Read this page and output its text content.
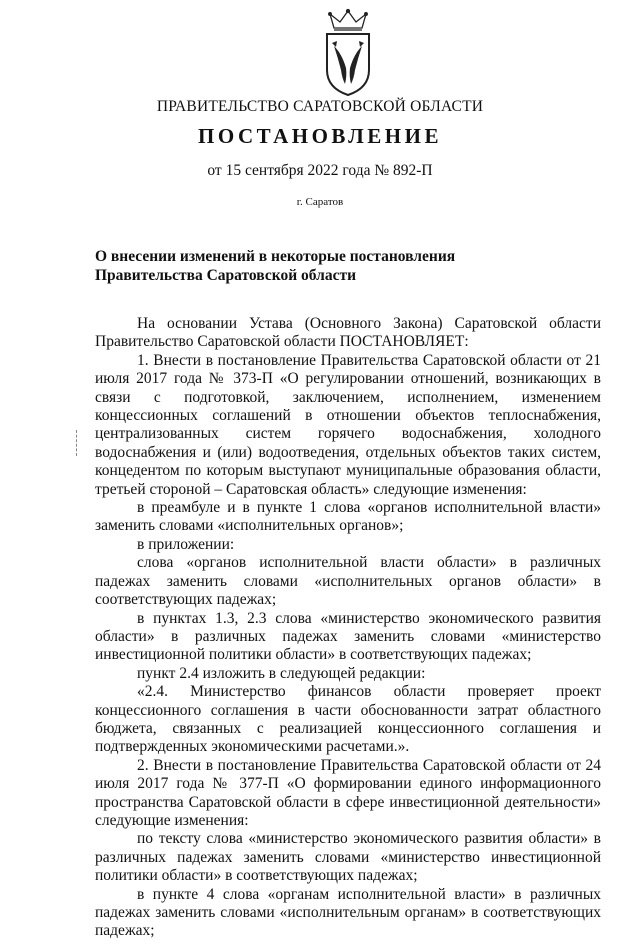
ПРАВИТЕЛЬСТВО САРАТОВСКОЙ ОБЛАСТИ
ПОСТАНОВЛЕНИЕ
от 15 сентября 2022 года № 892-П
г. Саратов
О внесении изменений в некоторые постановления
Правительства Саратовской области

На основании Устава (Основного Закона) Саратовской области Правительство Саратовской области ПОСТАНОВЛЯЕТ:

1. Внести в постановление Правительства Саратовской области от 21 июля 2017 года № 373-П «О регулировании отношений, возникающих в связи с подготовкой, заключением, исполнением, изменением концессионных соглашений в отношении объектов теплоснабжения, централизованных систем горячего водоснабжения, холодного водоснабжения и (или) водоотведения, отдельных объектов таких систем, концедентом по которым выступают муниципальные образования области, третьей стороной – Саратовская область» следующие изменения:

в преамбуле и в пункте 1 слова «органов исполнительной власти» заменить словами «исполнительных органов»;

в приложении:

слова «органов исполнительной власти области» в различных падежах заменить словами «исполнительных органов области» в соответствующих падежах;

в пунктах 1.3, 2.3 слова «министерство экономического развития области» в различных падежах заменить словами «министерство инвестиционной политики области» в соответствующих падежах;

пункт 2.4 изложить в следующей редакции:

«2.4. Министерство финансов области проверяет проект концессионного соглашения в части обоснованности затрат областного бюджета, связанных с реализацией концессионного соглашения и подтвержденных экономическими расчетами.».

2. Внести в постановление Правительства Саратовской области от 24 июля 2017 года № 377-П «О формировании единого информационного пространства Саратовской области в сфере инвестиционной деятельности» следующие изменения:

по тексту слова «министерство экономического развития области» в различных падежах заменить словами «министерство инвестиционной политики области» в соответствующих падежах;

в пункте 4 слова «органам исполнительной власти» в различных падежах заменить словами «исполнительным органам» в соответствующих падежах;
